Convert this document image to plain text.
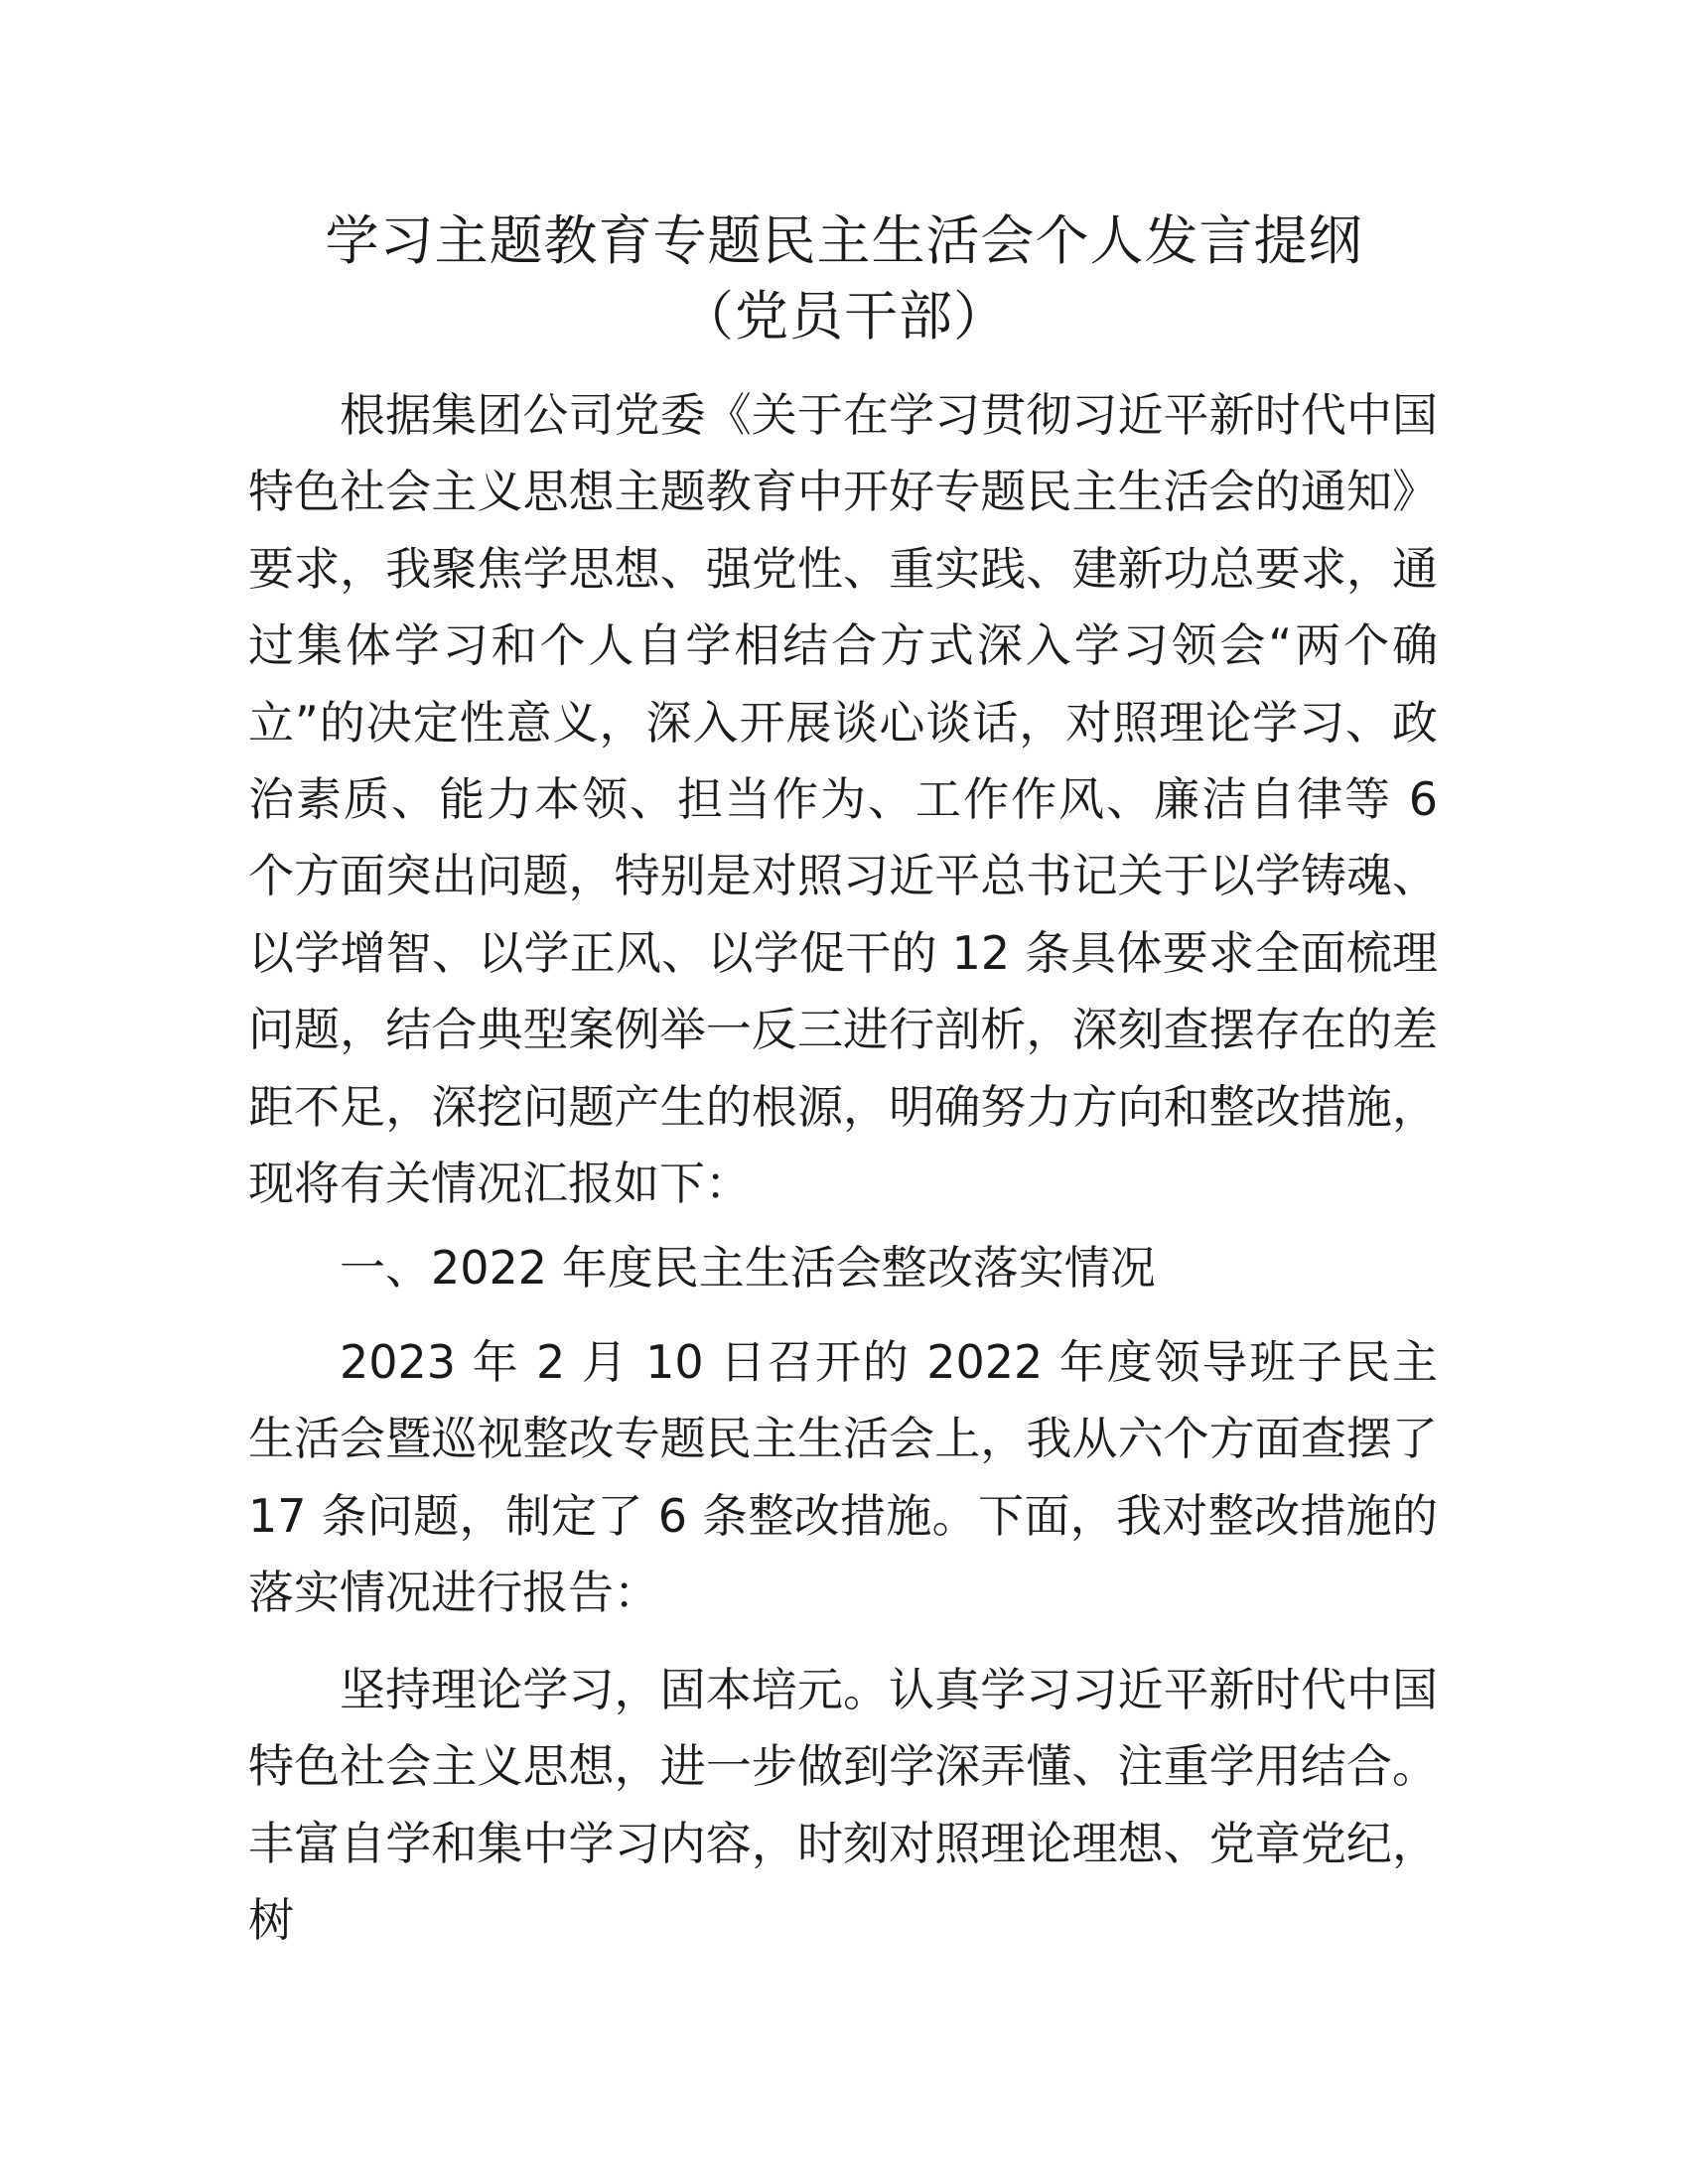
学习主题教育专题民主生活会个人发言提纲
（党员干部）

根据集团公司党委《关于在学习贯彻习近平新时代中国特色社会主义思想主题教育中开好专题民主生活会的通知》要求，我聚焦学思想、强党性、重实践、建新功总要求，通过集体学习和个人自学相结合方式深入学习领会“两个确立”的决定性意义，深入开展谈心谈话，对照理论学习、政治素质、能力本领、担当作为、工作作风、廉洁自律等 6 个方面突出问题，特别是对照习近平总书记关于以学铸魂、以学增智、以学正风、以学促干的 12 条具体要求全面梳理问题，结合典型案例举一反三进行剖析，深刻查摆存在的差距不足，深挖问题产生的根源，明确努力方向和整改措施，现将有关情况汇报如下：

一、2022 年度民主生活会整改落实情况

2023 年 2 月 10 日召开的 2022 年度领导班子民主生活会暨巡视整改专题民主生活会上，我从六个方面查摆了 17 条问题，制定了 6 条整改措施。下面，我对整改措施的落实情况进行报告：

坚持理论学习，固本培元。认真学习习近平新时代中国特色社会主义思想，进一步做到学深弄懂、注重学用结合。丰富自学和集中学习内容，时刻对照理论理想、党章党纪，树
